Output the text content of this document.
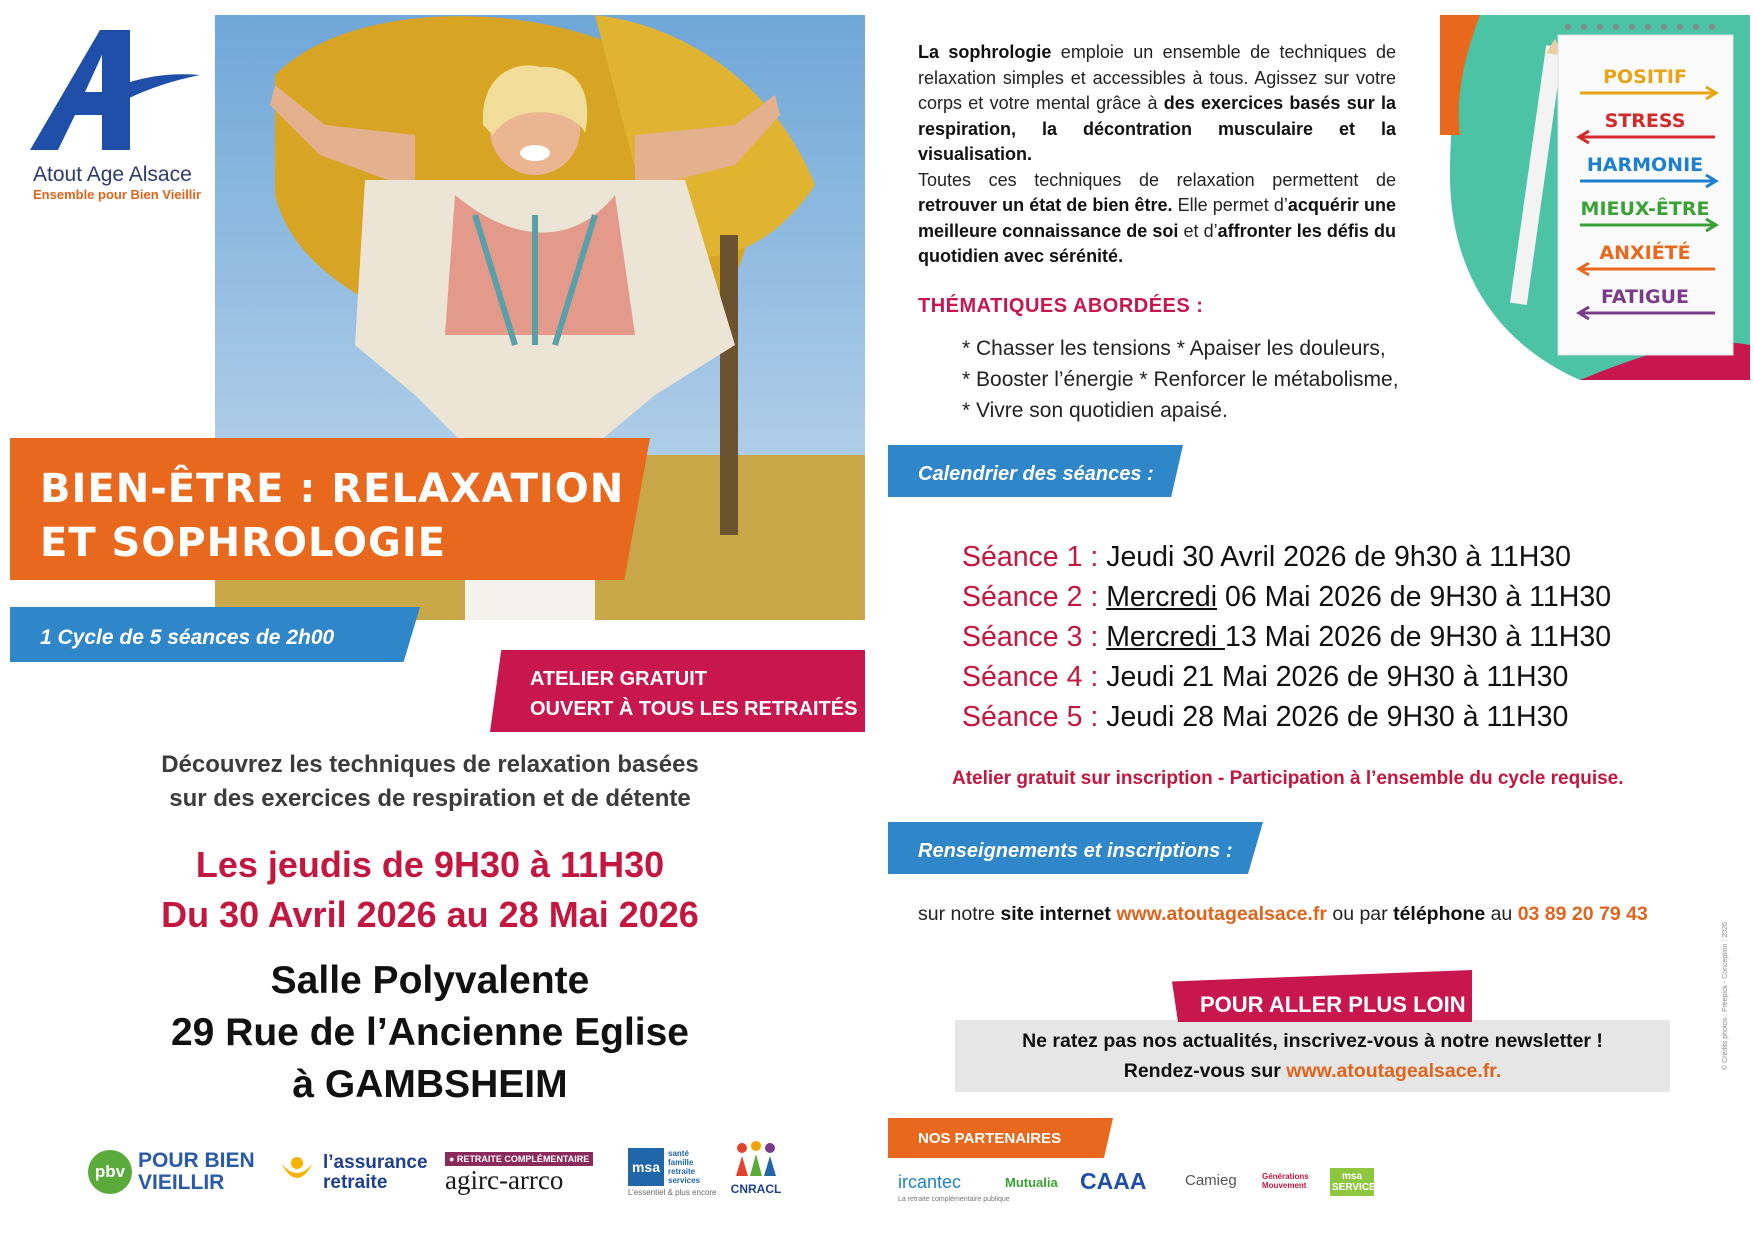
Atout Age Alsace
Ensemble pour Bien Vieillir
BIEN-ÊTRE : RELAXATION
ET SOPHROLOGIE
1 Cycle de 5 séances de 2h00
ATELIER GRATUIT
OUVERT À TOUS LES RETRAITÉS
Découvrez les techniques de relaxation basées
sur des exercices de respiration et de détente
Les jeudis de 9H30 à 11H30
Du 30 Avril 2026 au 28 Mai 2026
Salle Polyvalente
29 Rue de l’Ancienne Eglise
à GAMBSHEIM
pbv POUR BIEN
VIEILLIR
l’assurance
retraite
● RETRAITE COMPLÉMENTAIRE
agirc-arrco	msa
santé
famille
retraite
services
L’essentiel & plus encore CNRACL
La sophrologie emploie un ensemble de techniques de relaxation simples et accessibles à tous. Agissez sur votre corps et votre mental grâce à des exercices basés sur la respiration, la décontration musculaire et la visualisation.
Toutes ces techniques de relaxation permettent de retrouver un état de bien être. Elle permet d’acquérir une meilleure connaissance de soi et d’affronter les défis du quotidien avec sérénité.
POSITIF
STRESS
HARMONIE
MIEUX-ÊTRE
ANXIÉTÉ
FATIGUE
THÉMATIQUES ABORDÉES :
* Chasser les tensions * Apaiser les douleurs,
* Booster l’énergie * Renforcer le métabolisme,
* Vivre son quotidien apaisé.
Calendrier des séances :
Séance 1 : Jeudi 30 Avril 2026 de 9h30 à 11H30
Séance 2 : Mercredi 06 Mai 2026 de 9H30 à 11H30
Séance 3 : Mercredi 13 Mai 2026 de 9H30 à 11H30
Séance 4 : Jeudi 21 Mai 2026 de 9H30 à 11H30
Séance 5 : Jeudi 28 Mai 2026 de 9H30 à 11H30
Atelier gratuit sur inscription - Participation à l’ensemble du cycle requise.
Renseignements et inscriptions :
sur notre site internet www.atoutagealsace.fr ou par téléphone au 03 89 20 79 43
POUR ALLER PLUS LOIN
Ne ratez pas nos actualités, inscrivez-vous à notre newsletter !
Rendez-vous sur www.atoutagealsace.fr.
NOS PARTENAIRES
ircantec
La retraite complémentaire publique
Mutualia CAAA	Camieg	Générations Mouvement
msa SERVICES
© Crédits photos : Freepick - Conception : 2026
